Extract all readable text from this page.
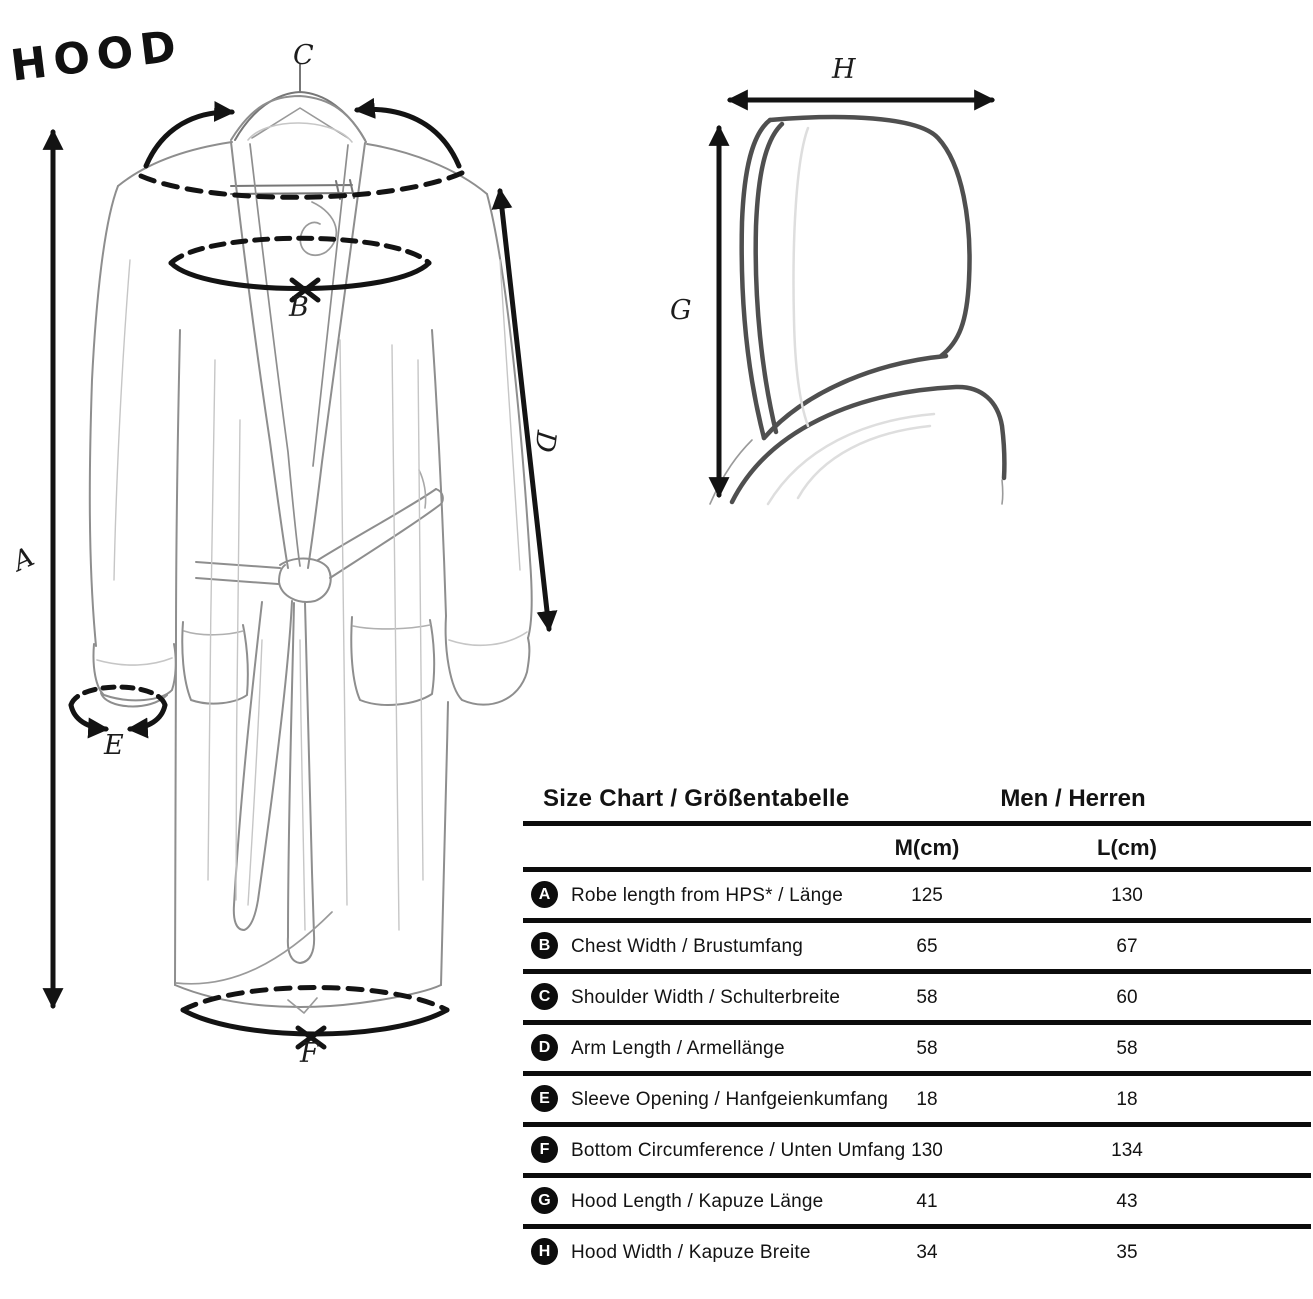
HOOD
A
B
C
D
E
F
G
H
Size Chart / Größentabelle	Men / Herren
M(cm)	L(cm)
A	Robe length from HPS* / Länge	125	130
B	Chest Width / Brustumfang	65	67
C	Shoulder Width / Schulterbreite	58	60
D	Arm Length / Armellänge	58	58
E	Sleeve Opening / Hanfgeienkumfang	18	18
F	Bottom Circumference / Unten Umfang 130	134
G	Hood Length / Kapuze Länge	41	43
H	Hood Width / Kapuze Breite	34	35
